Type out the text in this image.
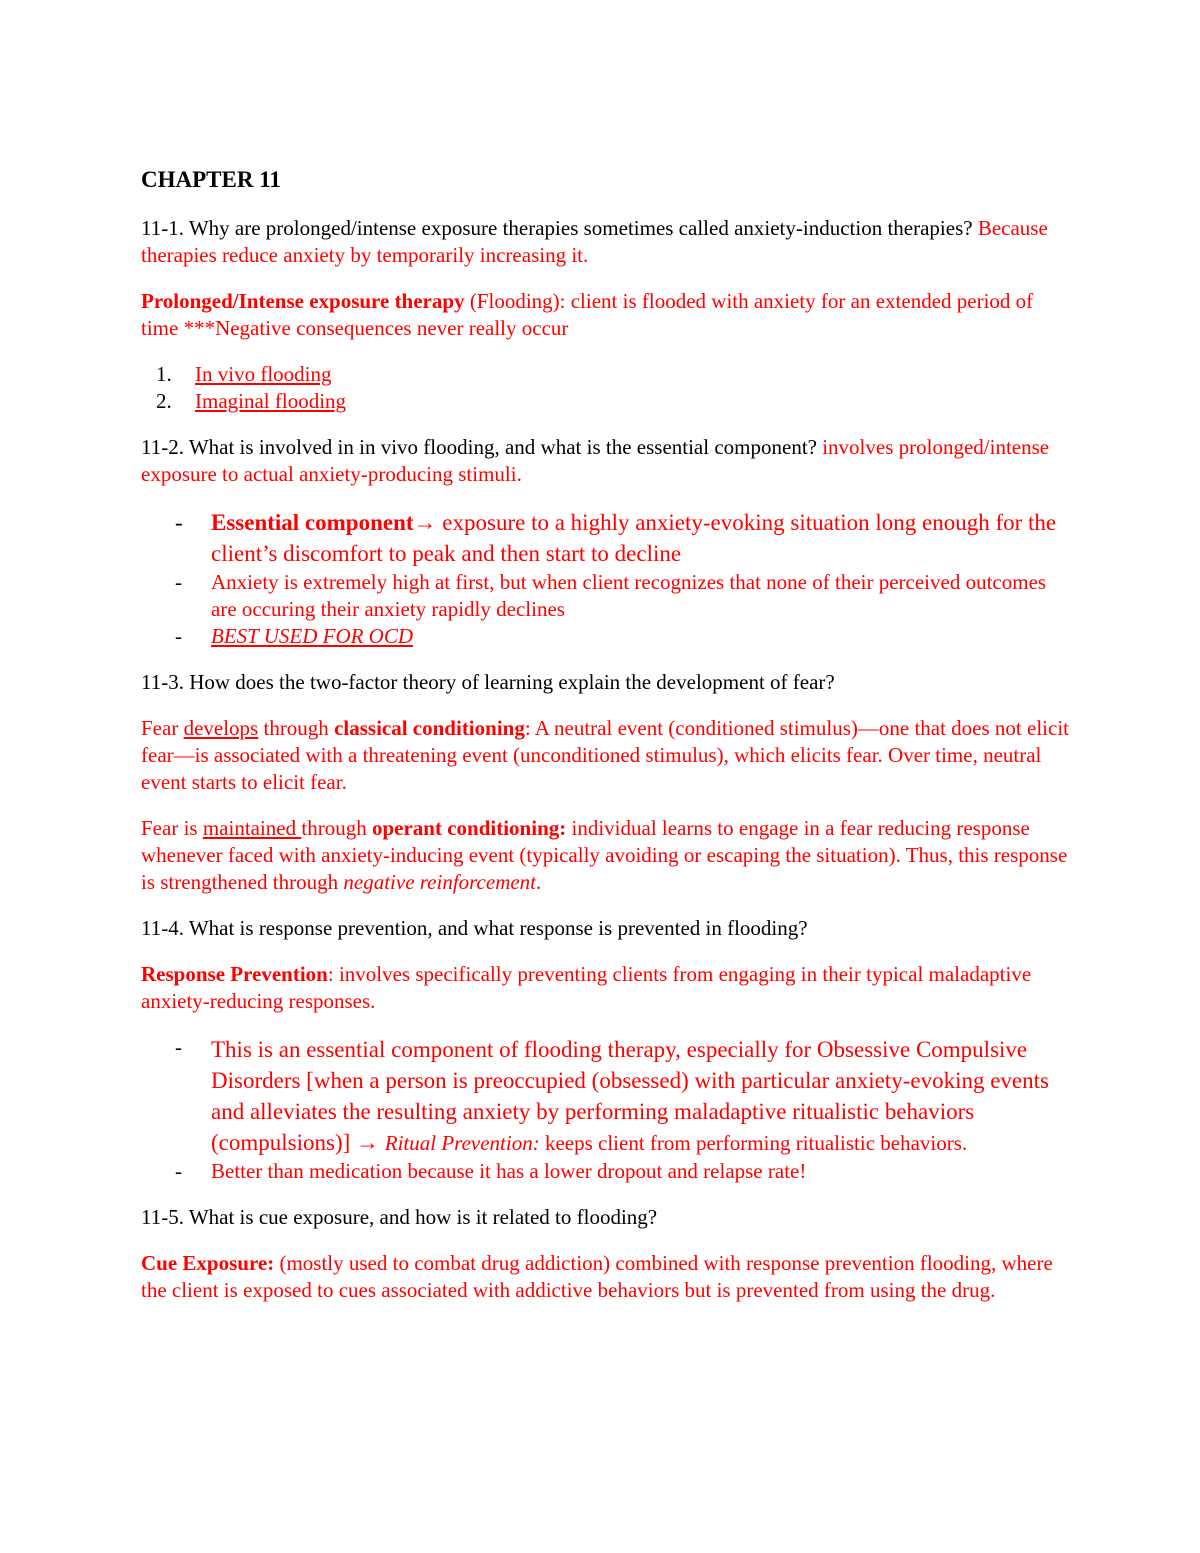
CHAPTER 11

11-1. Why are prolonged/intense exposure therapies sometimes called anxiety-induction therapies? Because therapies reduce anxiety by temporarily increasing it.

Prolonged/Intense exposure therapy (Flooding): client is flooded with anxiety for an extended period of time ***Negative consequences never really occur

1. In vivo flooding
2. Imaginal flooding

11-2. What is involved in in vivo flooding, and what is the essential component? involves prolonged/intense exposure to actual anxiety-producing stimuli.

- Essential component→ exposure to a highly anxiety-evoking situation long enough for the client’s discomfort to peak and then start to decline
- Anxiety is extremely high at first, but when client recognizes that none of their perceived outcomes are occuring their anxiety rapidly declines
- BEST USED FOR OCD

11-3. How does the two-factor theory of learning explain the development of fear?

Fear develops through classical conditioning: A neutral event (conditioned stimulus)—one that does not elicit fear—is associated with a threatening event (unconditioned stimulus), which elicits fear. Over time, neutral event starts to elicit fear.

Fear is maintained through operant conditioning: individual learns to engage in a fear reducing response whenever faced with anxiety-inducing event (typically avoiding or escaping the situation). Thus, this response is strengthened through negative reinforcement.

11-4. What is response prevention, and what response is prevented in flooding?

Response Prevention: involves specifically preventing clients from engaging in their typical maladaptive anxiety-reducing responses.

- This is an essential component of flooding therapy, especially for Obsessive Compulsive Disorders [when a person is preoccupied (obsessed) with particular anxiety-evoking events and alleviates the resulting anxiety by performing maladaptive ritualistic behaviors (compulsions)] → Ritual Prevention: keeps client from performing ritualistic behaviors.
- Better than medication because it has a lower dropout and relapse rate!

11-5. What is cue exposure, and how is it related to flooding?

Cue Exposure: (mostly used to combat drug addiction) combined with response prevention flooding, where the client is exposed to cues associated with addictive behaviors but is prevented from using the drug.
